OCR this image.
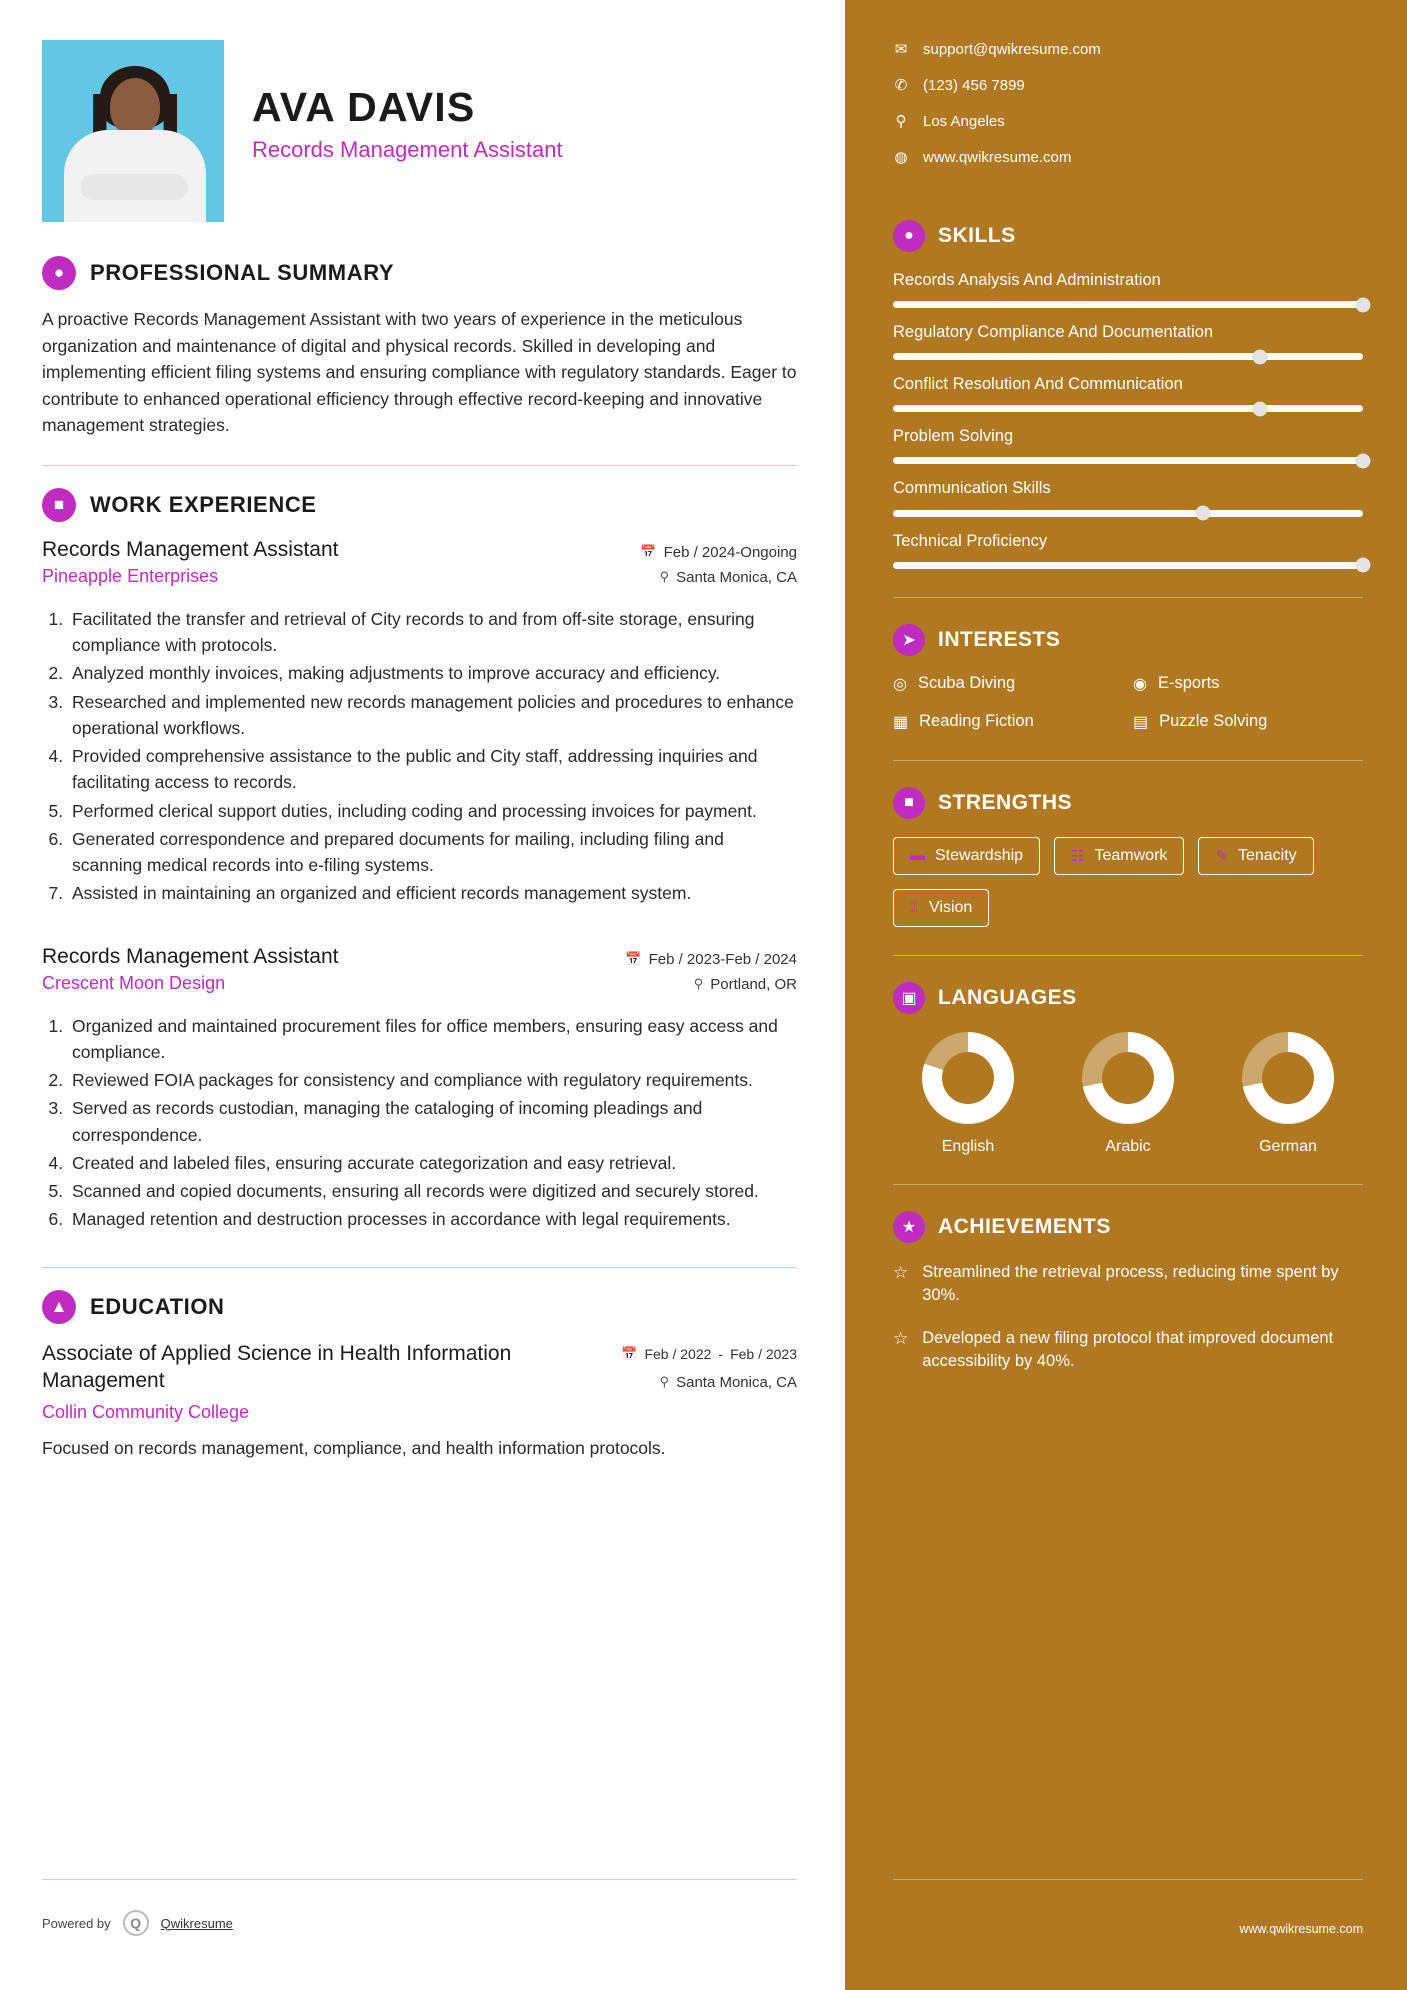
AVA DAVIS
Records Management Assistant
●	PROFESSIONAL SUMMARY
A proactive Records Management Assistant with two years of experience in the meticulous organization and maintenance of digital and physical records. Skilled in developing and implementing efficient filing systems and ensuring compliance with regulatory standards. Eager to contribute to enhanced operational efficiency through effective record-keeping and innovative management strategies.
■	WORK EXPERIENCE
Records Management Assistant
Pineapple Enterprises
📅 Feb / 2024-Ongoing
⚲ Santa Monica, CA
1. Facilitated the transfer and retrieval of City records to and from off-site storage, ensuring compliance with protocols.
2. Analyzed monthly invoices, making adjustments to improve accuracy and efficiency.
3. Researched and implemented new records management policies and procedures to enhance operational workflows.
4. Provided comprehensive assistance to the public and City staff, addressing inquiries and facilitating access to records.
5. Performed clerical support duties, including coding and processing invoices for payment.
6. Generated correspondence and prepared documents for mailing, including filing and scanning medical records into e-filing systems.
7. Assisted in maintaining an organized and efficient records management system.
Records Management Assistant
Crescent Moon Design
📅 Feb / 2023-Feb / 2024
⚲ Portland, OR
1. Organized and maintained procurement files for office members, ensuring easy access and compliance.
2. Reviewed FOIA packages for consistency and compliance with regulatory requirements.
3. Served as records custodian, managing the cataloging of incoming pleadings and correspondence.
4. Created and labeled files, ensuring accurate categorization and easy retrieval.
5. Scanned and copied documents, ensuring all records were digitized and securely stored.
6. Managed retention and destruction processes in accordance with legal requirements.
▲	EDUCATION
Associate of Applied Science in Health Information Management
Collin Community College
📅 Feb / 2022 - Feb / 2023
⚲ Santa Monica, CA
Focused on records management, compliance, and health information protocols.
Powered by	Q	Qwikresume
✉ support@qwikresume.com
✆ (123) 456 7899
⚲ Los Angeles
◍ www.qwikresume.com
●	SKILLS
Records Analysis And Administration
Regulatory Compliance And Documentation
Conflict Resolution And Communication
Problem Solving
Communication Skills
Technical Proficiency
➤	INTERESTS
◎ Scuba Diving	◉ E-sports
▦ Reading Fiction	▤ Puzzle Solving
■	STRENGTHS
▬ Stewardship	☷ Teamwork	✎ Tenacity
⑄ Vision
▣	LANGUAGES
English	Arabic	German
★	ACHIEVEMENTS
☆ Streamlined the retrieval process, reducing time spent by 30%.
☆ Developed a new filing protocol that improved document accessibility by 40%.
www.qwikresume.com
